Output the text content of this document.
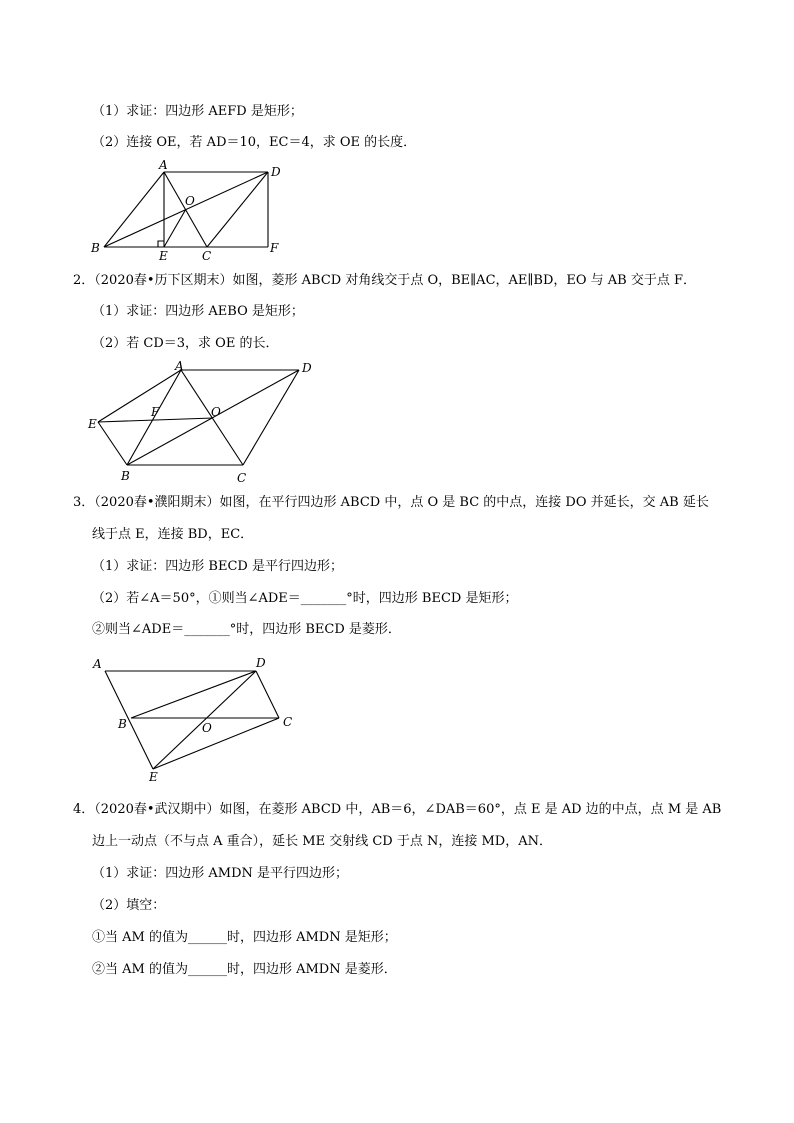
（1）求证：四边形 AEFD 是矩形；
（2）连接 OE，若 AD＝10，EC＝4，求 OE 的长度．
A	D
O
B
E	C
F
2．（2020春•历下区期末）如图，菱形 ABCD 对角线交于点 O，BE∥AC，AE∥BD，EO 与 AB 交于点 F．
（1）求证：四边形 AEBO 是矩形；
（2）若 CD＝3，求 OE 的长．
A	D
E
F	O
B	C
3．（2020春•濮阳期末）如图，在平行四边形 ABCD 中，点 O 是 BC 的中点，连接 DO 并延长，交 AB 延长
线于点 E，连接 BD，EC．
（1）求证：四边形 BECD 是平行四边形；
（2）若∠A＝50°，①则当∠ADE＝_______°时，四边形 BECD 是矩形；
②则当∠ADE＝_______°时，四边形 BECD 是菱形．
A	D
B	O	C
E
4．（2020春•武汉期中）如图，在菱形 ABCD 中，AB＝6，∠DAB＝60°，点 E 是 AD 边的中点，点 M 是 AB
边上一动点（不与点 A 重合），延长 ME 交射线 CD 于点 N，连接 MD，AN．
（1）求证：四边形 AMDN 是平行四边形；
（2）填空：
①当 AM 的值为______时，四边形 AMDN 是矩形；
②当 AM 的值为______时，四边形 AMDN 是菱形．
